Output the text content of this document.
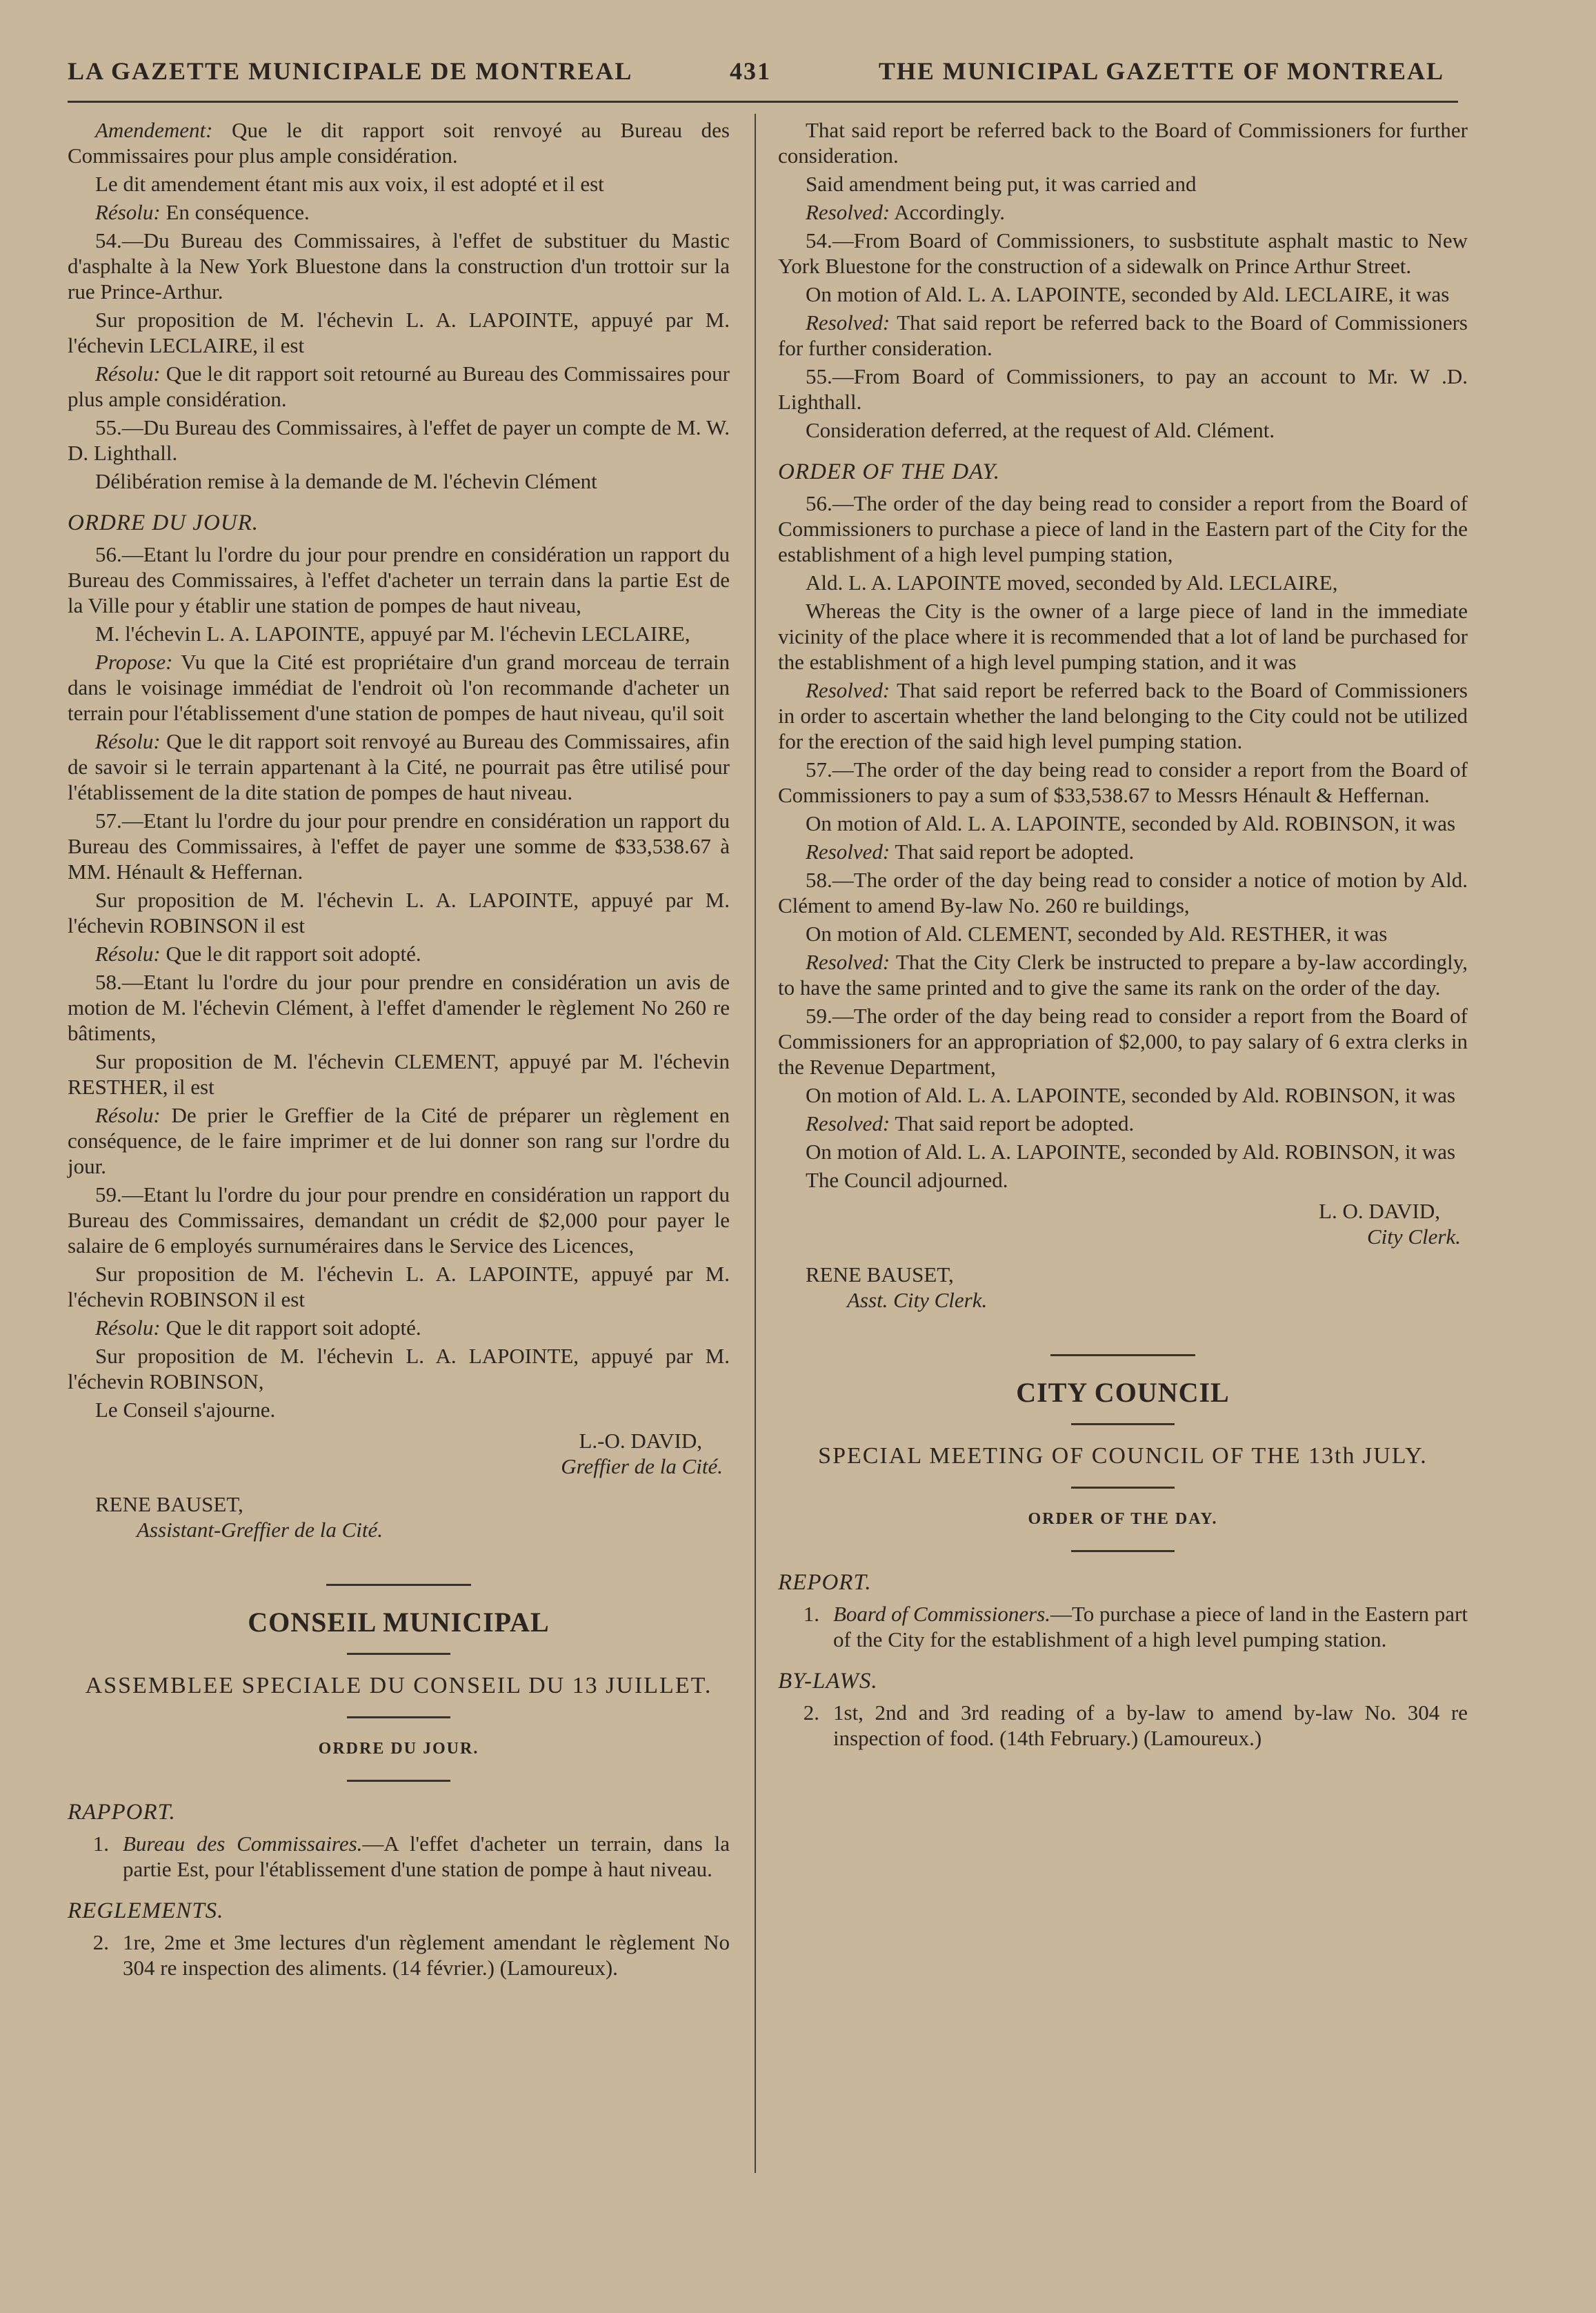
LA GAZETTE MUNICIPALE DE MONTREAL	431	THE MUNICIPAL GAZETTE OF MONTREAL

Amendement: Que le dit rapport soit renvoyé au Bureau des Commissaires pour plus ample considération.

Le dit amendement étant mis aux voix, il est adopté et il est

Résolu: En conséquence.

54.—Du Bureau des Commissaires, à l'effet de substituer du Mastic d'asphalte à la New York Bluestone dans la construction d'un trottoir sur la rue Prince-Arthur.

Sur proposition de M. l'échevin L. A. LAPOINTE, appuyé par M. l'échevin LECLAIRE, il est

Résolu: Que le dit rapport soit retourné au Bureau des Commissaires pour plus ample considération.

55.—Du Bureau des Commissaires, à l'effet de payer un compte de M. W. D. Lighthall.

Délibération remise à la demande de M. l'échevin Clément

ORDRE DU JOUR.

56.—Etant lu l'ordre du jour pour prendre en considération un rapport du Bureau des Commissaires, à l'effet d'acheter un terrain dans la partie Est de la Ville pour y établir une station de pompes de haut niveau,

M. l'échevin L. A. LAPOINTE, appuyé par M. l'échevin LECLAIRE,

Propose: Vu que la Cité est propriétaire d'un grand morceau de terrain dans le voisinage immédiat de l'endroit où l'on recommande d'acheter un terrain pour l'établissement d'une station de pompes de haut niveau, qu'il soit

Résolu: Que le dit rapport soit renvoyé au Bureau des Commissaires, afin de savoir si le terrain appartenant à la Cité, ne pourrait pas être utilisé pour l'établissement de la dite station de pompes de haut niveau.

57.—Etant lu l'ordre du jour pour prendre en considération un rapport du Bureau des Commissaires, à l'effet de payer une somme de $33,538.67 à MM. Hénault & Heffernan.

Sur proposition de M. l'échevin L. A. LAPOINTE, appuyé par M. l'échevin ROBINSON il est

Résolu: Que le dit rapport soit adopté.

58.—Etant lu l'ordre du jour pour prendre en considération un avis de motion de M. l'échevin Clément, à l'effet d'amender le règlement No 260 re bâtiments,

Sur proposition de M. l'échevin CLEMENT, appuyé par M. l'échevin RESTHER, il est

Résolu: De prier le Greffier de la Cité de préparer un règlement en conséquence, de le faire imprimer et de lui donner son rang sur l'ordre du jour.

59.—Etant lu l'ordre du jour pour prendre en considération un rapport du Bureau des Commissaires, demandant un crédit de $2,000 pour payer le salaire de 6 employés surnuméraires dans le Service des Licences,

Sur proposition de M. l'échevin L. A. LAPOINTE, appuyé par M. l'échevin ROBINSON il est

Résolu: Que le dit rapport soit adopté.

Sur proposition de M. l'échevin L. A. LAPOINTE, appuyé par M. l'échevin ROBINSON,

Le Conseil s'ajourne.

L.-O. DAVID,
Greffier de la Cité.
RENE BAUSET,
Assistant-Greffier de la Cité.
CONSEIL MUNICIPAL
ASSEMBLEE SPECIALE DU CONSEIL DU 13 JUILLET.
ORDRE DU JOUR.
RAPPORT.
1. Bureau des Commissaires.—A l'effet d'acheter un terrain, dans la partie Est, pour l'établissement d'une station de pompe à haut niveau.
REGLEMENTS.
2. 1re, 2me et 3me lectures d'un règlement amendant le règlement No 304 re inspection des aliments. (14 février.) (Lamoureux).

That said report be referred back to the Board of Commissioners for further consideration.

Said amendment being put, it was carried and

Resolved: Accordingly.

54.—From Board of Commissioners, to susbstitute asphalt mastic to New York Bluestone for the construction of a sidewalk on Prince Arthur Street.

On motion of Ald. L. A. LAPOINTE, seconded by Ald. LECLAIRE, it was

Resolved: That said report be referred back to the Board of Commissioners for further consideration.

55.—From Board of Commissioners, to pay an account to Mr. W .D. Lighthall.

Consideration deferred, at the request of Ald. Clément.

ORDER OF THE DAY.

56.—The order of the day being read to consider a report from the Board of Commissioners to purchase a piece of land in the Eastern part of the City for the establishment of a high level pumping station,

Ald. L. A. LAPOINTE moved, seconded by Ald. LECLAIRE,

Whereas the City is the owner of a large piece of land in the immediate vicinity of the place where it is recommended that a lot of land be purchased for the establishment of a high level pumping station, and it was

Resolved: That said report be referred back to the Board of Commissioners in order to ascertain whether the land belonging to the City could not be utilized for the erection of the said high level pumping station.

57.—The order of the day being read to consider a report from the Board of Commissioners to pay a sum of $33,538.67 to Messrs Hénault & Heffernan.

On motion of Ald. L. A. LAPOINTE, seconded by Ald. ROBINSON, it was

Resolved: That said report be adopted.

58.—The order of the day being read to consider a notice of motion by Ald. Clément to amend By-law No. 260 re buildings,

On motion of Ald. CLEMENT, seconded by Ald. RESTHER, it was

Resolved: That the City Clerk be instructed to prepare a by-law accordingly, to have the same printed and to give the same its rank on the order of the day.

59.—The order of the day being read to consider a report from the Board of Commissioners for an appropriation of $2,000, to pay salary of 6 extra clerks in the Revenue Department,

On motion of Ald. L. A. LAPOINTE, seconded by Ald. ROBINSON, it was

Resolved: That said report be adopted.

On motion of Ald. L. A. LAPOINTE, seconded by Ald. ROBINSON, it was

The Council adjourned.

L. O. DAVID,
City Clerk.
RENE BAUSET,
Asst. City Clerk.
CITY COUNCIL
SPECIAL MEETING OF COUNCIL OF THE 13th JULY.
ORDER OF THE DAY.
REPORT.
1. Board of Commissioners.—To purchase a piece of land in the Eastern part of the City for the establishment of a high level pumping station.
BY-LAWS.
2. 1st, 2nd and 3rd reading of a by-law to amend by-law No. 304 re inspection of food. (14th February.) (Lamoureux.)
